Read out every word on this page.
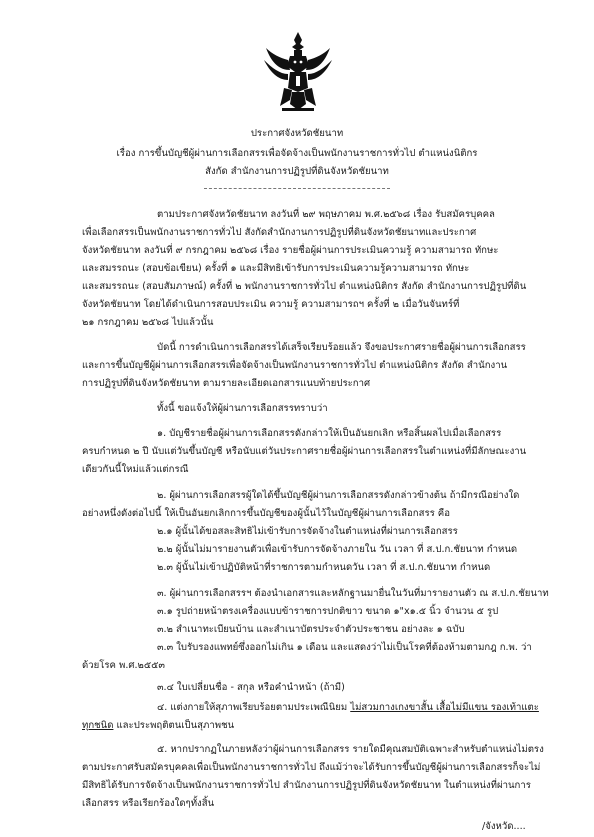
ประกาศจังหวัดชัยนาท
เรื่อง การขึ้นบัญชีผู้ผ่านการเลือกสรรเพื่อจัดจ้างเป็นพนักงานราชการทั่วไป ตำแหน่งนิติกร
สังกัด สำนักงานการปฏิรูปที่ดินจังหวัดชัยนาท
ตามประกาศจังหวัดชัยนาท ลงวันที่ ๒๙ พฤษภาคม พ.ศ.๒๕๖๘ เรื่อง รับสมัครบุคคล
เพื่อเลือกสรรเป็นพนักงานราชการทั่วไป สังกัดสำนักงานการปฏิรูปที่ดินจังหวัดชัยนาทและประกาศ
จังหวัดชัยนาท ลงวันที่ ๙ กรกฎาคม ๒๕๖๘ เรื่อง รายชื่อผู้ผ่านการประเมินความรู้ ความสามารถ ทักษะ
และสมรรถนะ (สอบข้อเขียน) ครั้งที่ ๑ และมีสิทธิเข้ารับการประเมินความรู้ความสามารถ ทักษะ
และสมรรถนะ (สอบสัมภาษณ์) ครั้งที่ ๒ พนักงานราชการทั่วไป ตำแหน่งนิติกร สังกัด สำนักงานการปฏิรูปที่ดิน
จังหวัดชัยนาท โดยได้ดำเนินการสอบประเมิน ความรู้ ความสามารถฯ ครั้งที่ ๒ เมื่อวันจันทร์ที่
๒๑ กรกฎาคม ๒๕๖๘ ไปแล้วนั้น
บัดนี้ การดำเนินการเลือกสรรได้เสร็จเรียบร้อยแล้ว จึงขอประกาศรายชื่อผู้ผ่านการเลือกสรร
และการขึ้นบัญชีผู้ผ่านการเลือกสรรเพื่อจัดจ้างเป็นพนักงานราชการทั่วไป ตำแหน่งนิติกร สังกัด สำนักงาน
การปฏิรูปที่ดินจังหวัดชัยนาท ตามรายละเอียดเอกสารแนบท้ายประกาศ
ทั้งนี้ ขอแจ้งให้ผู้ผ่านการเลือกสรรทราบว่า
๑. บัญชีรายชื่อผู้ผ่านการเลือกสรรดังกล่าวให้เป็นอันยกเลิก หรือสิ้นผลไปเมื่อเลือกสรร
ครบกำหนด ๒ ปี นับแต่วันขึ้นบัญชี หรือนับแต่วันประกาศรายชื่อผู้ผ่านการเลือกสรรในตำแหน่งที่มีลักษณะงาน
เดียวกันนี้ใหม่แล้วแต่กรณี
๒. ผู้ผ่านการเลือกสรรผู้ใดได้ขึ้นบัญชีผู้ผ่านการเลือกสรรดังกล่าวข้างต้น ถ้ามีกรณีอย่างใด
อย่างหนึ่งดังต่อไปนี้ ให้เป็นอันยกเลิกการขึ้นบัญชีของผู้นั้นไว้ในบัญชีผู้ผ่านการเลือกสรร คือ
๒.๑ ผู้นั้นได้ขอสละสิทธิไม่เข้ารับการจัดจ้างในตำแหน่งที่ผ่านการเลือกสรร
๒.๒ ผู้นั้นไม่มารายงานตัวเพื่อเข้ารับการจัดจ้างภายใน วัน เวลา ที่ ส.ป.ก.ชัยนาท กำหนด
๒.๓ ผู้นั้นไม่เข้าปฏิบัติหน้าที่ราชการตามกำหนดวัน เวลา ที่ ส.ป.ก.ชัยนาท กำหนด
๓. ผู้ผ่านการเลือกสรรฯ ต้องนำเอกสารและหลักฐานมายื่นในวันที่มารายงานตัว ณ ส.ป.ก.ชัยนาท
๓.๑ รูปถ่ายหน้าตรงเครื่องแบบข้าราชการปกติขาว ขนาด ๑"x๑.๕ นิ้ว จำนวน ๕ รูป
๓.๒ สำเนาทะเบียนบ้าน และสำเนาบัตรประจำตัวประชาชน อย่างละ ๑ ฉบับ
๓.๓ ใบรับรองแพทย์ซึ่งออกไม่เกิน ๑ เดือน และแสดงว่าไม่เป็นโรคที่ต้องห้ามตามกฎ ก.พ. ว่า
ด้วยโรค พ.ศ.๒๕๕๓
๓.๔ ใบเปลี่ยนชื่อ - สกุล หรือคำนำหน้า (ถ้ามี)
๔. แต่งกายให้สุภาพเรียบร้อยตามประเพณีนิยม ไม่สวมกางเกงขาสั้น เสื้อไม่มีแขน รองเท้าแตะ
ทุกชนิด และประพฤติตนเป็นสุภาพชน
๕. หากปรากฏในภายหลังว่าผู้ผ่านการเลือกสรร รายใดมีคุณสมบัติเฉพาะสำหรับตำแหน่งไม่ตรง
ตามประกาศรับสมัครบุคคลเพื่อเป็นพนักงานราชการทั่วไป ถึงแม้ว่าจะได้รับการขึ้นบัญชีผู้ผ่านการเลือกสรรก็จะไม่
มีสิทธิได้รับการจัดจ้างเป็นพนักงานราชการทั่วไป สำนักงานการปฏิรูปที่ดินจังหวัดชัยนาท ในตำแหน่งที่ผ่านการ
เลือกสรร หรือเรียกร้องใดๆทั้งสิ้น
/จังหวัด....
